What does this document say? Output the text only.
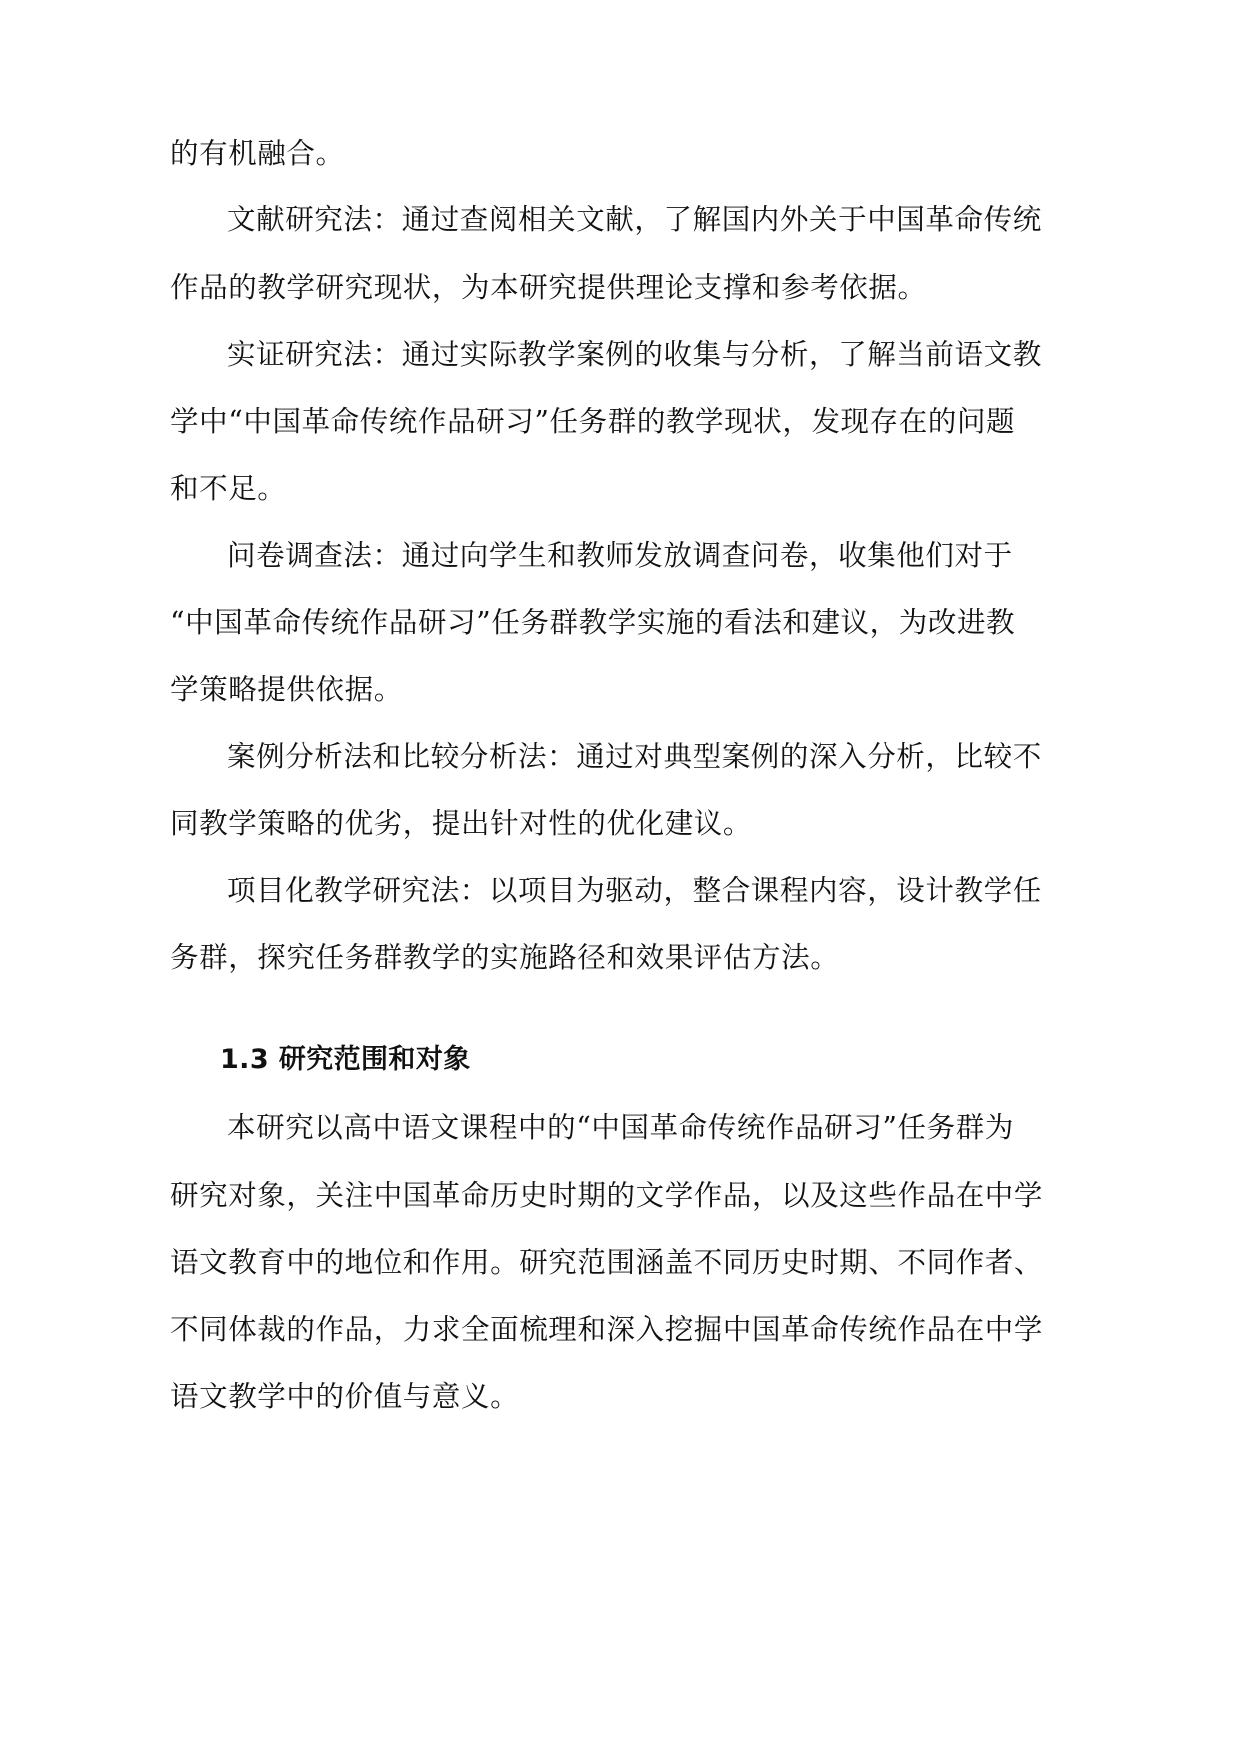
的有机融合。
文献研究法：通过查阅相关文献，了解国内外关于中国革命传统
作品的教学研究现状，为本研究提供理论支撑和参考依据。
实证研究法：通过实际教学案例的收集与分析，了解当前语文教
学中“中国革命传统作品研习”任务群的教学现状，发现存在的问题
和不足。
问卷调查法：通过向学生和教师发放调查问卷，收集他们对于
“中国革命传统作品研习”任务群教学实施的看法和建议，为改进教
学策略提供依据。
案例分析法和比较分析法：通过对典型案例的深入分析，比较不
同教学策略的优劣，提出针对性的优化建议。
项目化教学研究法：以项目为驱动，整合课程内容，设计教学任
务群，探究任务群教学的实施路径和效果评估方法。
1.3 研究范围和对象
本研究以高中语文课程中的“中国革命传统作品研习”任务群为
研究对象，关注中国革命历史时期的文学作品，以及这些作品在中学
语文教育中的地位和作用。研究范围涵盖不同历史时期、不同作者、
不同体裁的作品，力求全面梳理和深入挖掘中国革命传统作品在中学
语文教学中的价值与意义。
